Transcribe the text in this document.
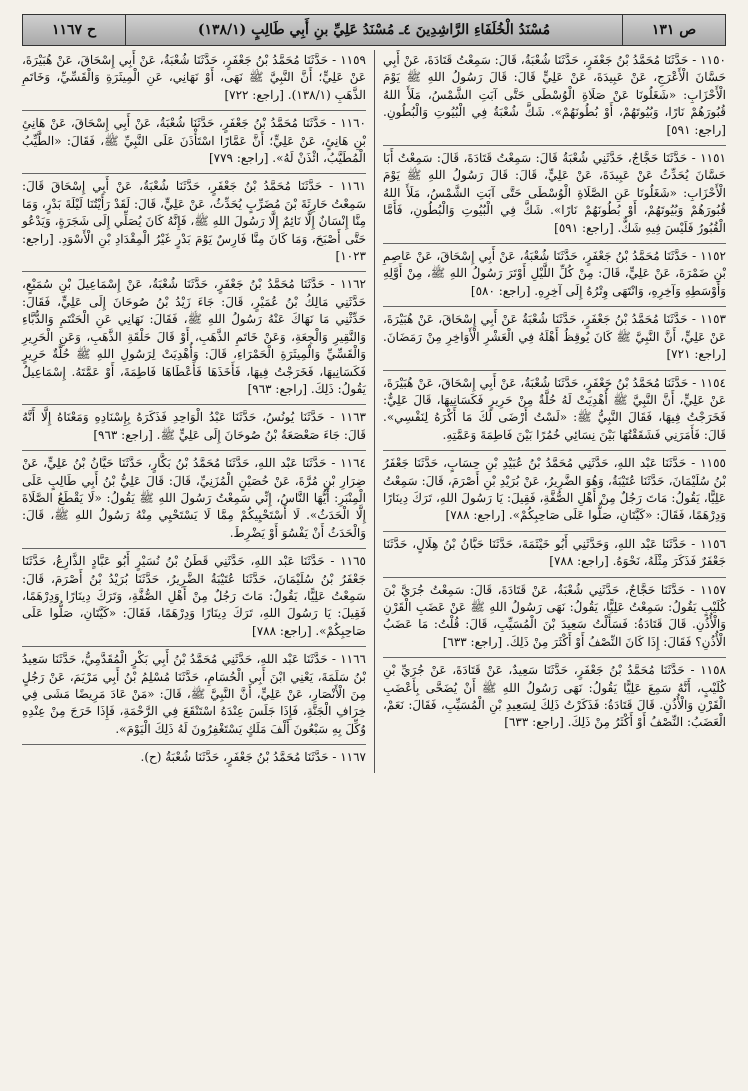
ص ١٣١
مُسْنَدُ الْخُلَفَاءِ الرَّاشِدِينَ ٤ـ مُسْنَدُ عَلِيِّ بنِ أَبِي طَالِبٍ (١٣٨/١)
ح ١١٦٧
١١٥٠ - حَدَّثَنَا مُحَمَّدُ بْنُ جَعْفَرٍ، حَدَّثَنَا شُعْبَةُ، قَالَ: سَمِعْتُ قَتَادَةَ، عَنْ أَبِي حَسَّانَ الْأَعْرَجِ، عَنْ عَبِيدَةَ، عَنْ عَلِيٍّ قَالَ: قَالَ رَسُولُ اللهِ ﷺ يَوْمَ الْأَحْزَابِ: «شَغَلُونَا عَنْ صَلَاةِ الْوُسْطَى حَتَّى آبَتِ الشَّمْسُ، مَلَأَ اللهُ قُبُورَهُمْ نَارًا، وَبُيُوتَهُمْ، أَوْ بُطُونَهُمْ». شَكَّ شُعْبَةُ فِي الْبُيُوتِ وَالْبُطُونِ. [راجع: ٥٩١]
١١٥١ - حَدَّثَنَا حَجَّاجٌ، حَدَّثَنِي شُعْبَةُ قَالَ: سَمِعْتُ قَتَادَةَ، قَالَ: سَمِعْتُ أَبَا حَسَّانَ يُحَدِّثُ عَنْ عَبِيدَةَ، عَنْ عَلِيٍّ، قَالَ: قَالَ رَسُولُ اللهِ ﷺ يَوْمَ الْأَحْزَابِ: «شَغَلُونَا عَنِ الصَّلَاةِ الْوُسْطَى حَتَّى آبَتِ الشَّمْسُ، مَلَأَ اللهُ قُبُورَهُمْ وَبُيُوتَهُمْ، أَوْ بُطُونَهُمْ نَارًا». شَكَّ فِي الْبُيُوتِ وَالْبُطُونِ، فَأَمَّا الْقُبُورُ فَلَيْسَ فِيهِ شَكٌّ. [راجع: ٥٩١]
١١٥٢ - حَدَّثَنَا مُحَمَّدُ بْنُ جَعْفَرٍ، حَدَّثَنَا شُعْبَةُ، عَنْ أَبِي إِسْحَاقَ، عَنْ عَاصِمِ بْنِ ضَمْرَةَ، عَنْ عَلِيٍّ، قَالَ: مِنْ كُلِّ اللَّيْلِ أَوْتَرَ رَسُولُ اللهِ ﷺ، مِنْ أَوَّلِهِ وَأَوْسَطِهِ وَآخِرِهِ، وَانْتَهَى وِتْرُهُ إِلَى آخِرِهِ. [راجع: ٥٨٠]
١١٥٣ - حَدَّثَنَا مُحَمَّدُ بْنُ جَعْفَرٍ، حَدَّثَنَا شُعْبَةُ عَنْ أَبِي إِسْحَاقَ، عَنْ هُبَيْرَةَ، عَنْ عَلِيٍّ، أَنَّ النَّبِيَّ ﷺ كَانَ يُوقِظُ أَهْلَهُ فِي الْعَشْرِ الْأَوَاخِرِ مِنْ رَمَضَانَ. [راجع: ٧٢١]
١١٥٤ - حَدَّثَنَا مُحَمَّدُ بْنُ جَعْفَرٍ، حَدَّثَنَا شُعْبَةُ، عَنْ أَبِي إِسْحَاقَ، عَنْ هُبَيْرَةَ، عَنْ عَلِيٍّ، أَنَّ النَّبِيَّ ﷺ أُهْدِيَتْ لَهُ حُلَّةٌ مِنْ حَرِيرٍ فَكَسَانِيهَا، قَالَ عَلِيٌّ: فَخَرَجْتُ فِيهَا، فَقَالَ النَّبِيُّ ﷺ: «لَسْتُ أَرْضَى لَكَ مَا أَكْرَهُ لِنَفْسِي». قَالَ: فَأَمَرَنِي فَشَقَقْتُهَا بَيْنَ نِسَائِي خُمُرًا بَيْنَ فَاطِمَةَ وَعَمَّتِهِ.
١١٥٥ - حَدَّثَنَا عَبْد اللهِ، حَدَّثَنِي مُحَمَّدُ بْنُ عُبَيْدِ بْنِ حِسَابٍ، حَدَّثَنَا جَعْفَرُ بْنُ سُلَيْمَانَ، حَدَّثَنَا عُتَيْبَةُ، وَهُوَ الضَّرِيرُ، عَنْ بُرَيْدِ بْنِ أَصْرَمَ، قَالَ: سَمِعْتُ عَلِيًّا، يَقُولُ: مَاتَ رَجُلٌ مِنْ أَهْلِ الصُّفَّةِ، فَقِيلَ: يَا رَسُولَ اللهِ، تَرَكَ دِينَارًا وَدِرْهَمًا، فَقَالَ: «كَيَّتَانِ، صَلُّوا عَلَى صَاحِبِكُمْ». [راجع: ٧٨٨]
١١٥٦ - حَدَّثَنَا عَبْد اللهِ، وَحَدَّثَنِي أَبُو خَيْثَمَةَ، حَدَّثَنَا حَبَّانُ بْنُ هِلَالٍ، حَدَّثَنَا جَعْفَرٌ فَذَكَرَ مِثْلَهُ، نَحْوَهُ. [راجع: ٧٨٨]
١١٥٧ - حَدَّثَنَا حَجَّاجٌ، حَدَّثَنِي شُعْبَةُ، عَنْ قَتَادَةَ، قَالَ: سَمِعْتُ جُرَيَّ بْنَ كُلَيْبٍ يَقُولُ: سَمِعْتُ عَلِيًّا، يَقُولُ: نَهَى رَسُولُ اللهِ ﷺ عَنْ عَضَبِ الْقَرْنِ وَالْأُذُنِ. قَالَ قَتَادَةُ: فَسَأَلْتُ سَعِيدَ بْنَ الْمُسَيِّبِ، قَالَ: قُلْتُ: مَا عَضَبُ الْأُذُنِ؟ فَقَالَ: إِذَا كَانَ النِّصْفُ أَوْ أَكْثَرَ مِنْ ذَلِكَ. [راجع: ٦٣٣]
١١٥٨ - حَدَّثَنَا مُحَمَّدُ بْنُ جَعْفَرٍ، حَدَّثَنَا سَعِيدٌ، عَنْ قَتَادَةَ، عَنْ جُرَيِّ بْنِ كُلَيْبٍ، أَنَّهُ سَمِعَ عَلِيًّا يَقُولُ: نَهَى رَسُولُ اللهِ ﷺ أَنْ يُضَحَّى بِأَعْضَبِ الْقَرْنِ وَالْأُذُنِ. قَالَ قَتَادَةُ: فَذَكَرْتُ ذَلِكَ لِسَعِيدِ بْنِ الْمُسَيِّبِ، فَقَالَ: نَعَمْ، الْعَضَبُ: النِّصْفُ أَوْ أَكْثَرُ مِنْ ذَلِكَ. [راجع: ٦٣٣]
١١٥٩ - حَدَّثَنَا مُحَمَّدُ بْنُ جَعْفَرٍ، حَدَّثَنَا شُعْبَةُ، عَنْ أَبِي إِسْحَاقَ، عَنْ هُبَيْرَةَ، عَنْ عَلِيٍّ؛ أَنَّ النَّبِيَّ ﷺ نَهَى، أَوْ نَهَانِي، عَنِ الْمِيثَرَةِ وَالْقَسِّيِّ، وَخَاتَمِ الذَّهَبِ (١٣٨/١). [راجع: ٧٢٢]
١١٦٠ - حَدَّثَنَا مُحَمَّدُ بْنُ جَعْفَرٍ، حَدَّثَنَا شُعْبَةُ، عَنْ أَبِي إِسْحَاقَ، عَنْ هَانِئِ بْنِ هَانِئٍ، عَنْ عَلِيٍّ؛ أَنَّ عَمَّارًا اسْتَأْذَنَ عَلَى النَّبِيِّ ﷺ، فَقَالَ: «الطَّيِّبُ الْمُطَيَّبُ، ائْذَنْ لَهُ». [راجع: ٧٧٩]
١١٦١ - حَدَّثَنَا مُحَمَّدُ بْنُ جَعْفَرٍ، حَدَّثَنَا شُعْبَةُ، عَنْ أَبِي إِسْحَاقَ قَالَ: سَمِعْتُ حَارِثَةَ بْنَ مُضَرِّبٍ يُحَدِّثُ، عَنْ عَلِيٍّ، قَالَ: لَقَدْ رَأَيْتُنَا لَيْلَةَ بَدْرٍ، وَمَا مِنَّا إِنْسَانٌ إِلَّا نَائِمٌ إِلَّا رَسُولَ اللهِ ﷺ، فَإِنَّهُ كَانَ يُصَلِّي إِلَى شَجَرَةٍ، وَيَدْعُو حَتَّى أَصْبَحَ، وَمَا كَانَ مِنَّا فَارِسٌ يَوْمَ بَدْرٍ غَيْرُ الْمِقْدَادِ بْنِ الْأَسْوَدِ. [راجع: ١٠٢٣]
١١٦٢ - حَدَّثَنَا مُحَمَّدُ بْنُ جَعْفَرٍ، حَدَّثَنَا شُعْبَةُ، عَنْ إِسْمَاعِيلَ بْنِ سُمَيْعٍ، حَدَّثَنِي مَالِكُ بْنُ عُمَيْرٍ، قَالَ: جَاءَ زَيْدُ بْنُ صُوحَانَ إِلَى عَلِيٍّ، فَقَالَ: حَدِّثْنِي مَا نَهَاكَ عَنْهُ رَسُولُ اللهِ ﷺ، فَقَالَ: نَهَانِي عَنِ الْحَنْتَمِ وَالدُّبَّاءِ وَالنَّقِيرِ وَالْجِعَةِ، وَعَنْ خَاتَمِ الذَّهَبِ، أَوْ قَالَ حَلْقَةِ الذَّهَبِ، وَعَنِ الْحَرِيرِ وَالْقَسِّيِّ وَالْمِيثَرَةِ الْحَمْرَاءِ، قَالَ: وَأُهْدِيَتْ لِرَسُولِ اللهِ ﷺ حُلَّةٌ حَرِيرٍ فَكَسَانِيهَا، فَخَرَجْتُ فِيهَا، فَأَخَذَهَا فَأَعْطَاهَا فَاطِمَةَ، أَوْ عَمَّتَهُ. إِسْمَاعِيلُ يَقُولُ: ذَلِكَ. [راجع: ٩٦٣]
١١٦٣ - حَدَّثَنَا يُونُسُ، حَدَّثَنَا عَبْدُ الْوَاحِدِ فَذَكَرَهُ بِإِسْنَادِهِ وَمَعْنَاهُ إِلَّا أَنَّهُ قَالَ: جَاءَ صَعْصَعَةُ بْنُ صُوحَانَ إِلَى عَلِيٍّ ﷺ. [راجع: ٩٦٣]
١١٦٤ - حَدَّثَنَا عَبْد اللهِ، حَدَّثَنَا مُحَمَّدُ بْنُ بَكَّارٍ، حَدَّثَنَا حَيَّانُ بْنُ عَلِيٍّ، عَنْ ضِرَارِ بْنِ مُرَّةَ، عَنْ حُصَيْنٍ الْمُزَنِيِّ، قَالَ: قَالَ عَلِيُّ بْنُ أَبِي طَالِبٍ عَلَى الْمِنْبَرِ: أَيُّهَا النَّاسُ، إِنِّي سَمِعْتُ رَسُولَ اللهِ ﷺ يَقُولُ: «لَا يَقْطَعُ الصَّلَاةَ إِلَّا الْحَدَثُ». لَا أَسْتَحْيِيكُمْ مِمَّا لَا يَسْتَحْيِي مِنْهُ رَسُولُ اللهِ ﷺ، قَالَ: وَالْحَدَثُ أَنْ يَفْسُوَ أَوْ يَضْرِطَ.
١١٦٥ - حَدَّثَنَا عَبْد اللهِ، حَدَّثَنِي قَطَنُ بْنُ نُسَيْرٍ أَبُو عَبَّادٍ الذَّارِعُ، حَدَّثَنَا جَعْفَرُ بْنُ سُلَيْمَانَ، حَدَّثَنَا عُتَيْبَةُ الضَّرِيرُ، حَدَّثَنَا بُرَيْدُ بْنُ أَصْرَمَ، قَالَ: سَمِعْتُ عَلِيًّا، يَقُولُ: مَاتَ رَجُلٌ مِنْ أَهْلِ الصُّفَّةِ، وَتَرَكَ دِينَارًا وَدِرْهَمًا، فَقِيلَ: يَا رَسُولَ اللهِ، تَرَكَ دِينَارًا وَدِرْهَمًا، فَقَالَ: «كَيَّتَانِ، صَلُّوا عَلَى صَاحِبِكُمْ». [راجع: ٧٨٨]
١١٦٦ - حَدَّثَنَا عَبْد اللهِ، حَدَّثَنِي مُحَمَّدُ بْنُ أَبِي بَكْرٍ الْمُقَدَّمِيُّ، حَدَّثَنَا سَعِيدُ بْنُ سَلَمَةَ، يَعْنِي ابْنَ أَبِي الْحُسَامِ، حَدَّثَنَا مُسْلِمُ بْنُ أَبِي مَرْيَمَ، عَنْ رَجُلٍ مِنَ الْأَنْصَارِ، عَنْ عَلِيٍّ، أَنَّ النَّبِيَّ ﷺ، قَالَ: «مَنْ عَادَ مَرِيضًا مَشَى فِي خِرَافِ الْجَنَّةِ، فَإِذَا جَلَسَ عِنْدَهُ اسْتَنْقَعَ فِي الرَّحْمَةِ، فَإِذَا خَرَجَ مِنْ عِنْدِهِ وُكِّلَ بِهِ سَبْعُونَ أَلْفَ مَلَكٍ يَسْتَغْفِرُونَ لَهُ ذَلِكَ الْيَوْمَ».
١١٦٧ - حَدَّثَنَا مُحَمَّدُ بْنُ جَعْفَرٍ، حَدَّثَنَا شُعْبَةُ (ح).
